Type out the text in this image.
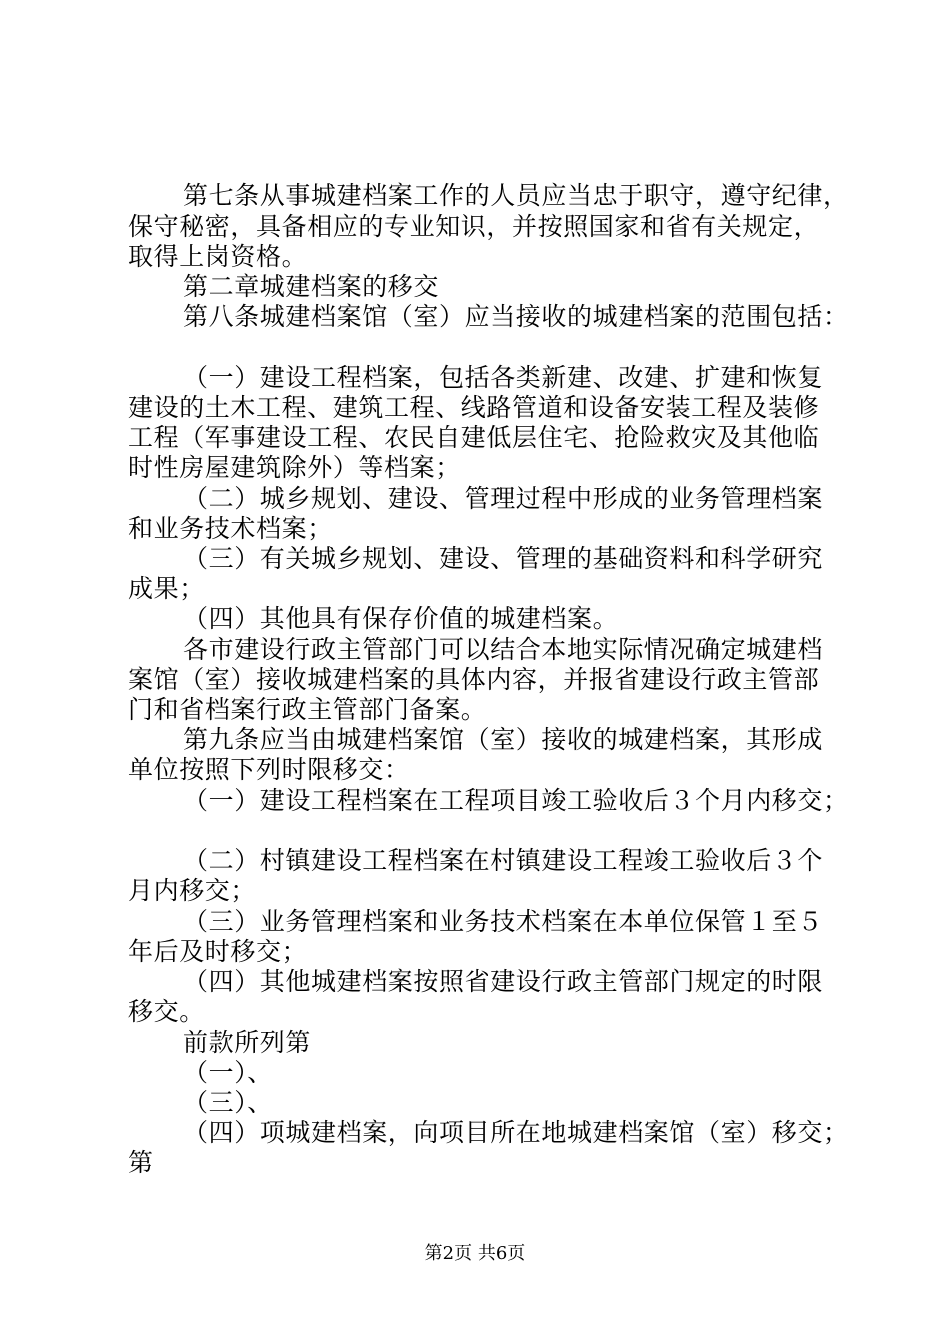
第七条从事城建档案工作的人员应当忠于职守，遵守纪律，
保守秘密，具备相应的专业知识，并按照国家和省有关规定，
取得上岗资格。
第二章城建档案的移交
第八条城建档案馆（室）应当接收的城建档案的范围包括：
（一）建设工程档案，包括各类新建、改建、扩建和恢复
建设的土木工程、建筑工程、线路管道和设备安装工程及装修
工程（军事建设工程、农民自建低层住宅、抢险救灾及其他临
时性房屋建筑除外）等档案；
（二）城乡规划、建设、管理过程中形成的业务管理档案
和业务技术档案；
（三）有关城乡规划、建设、管理的基础资料和科学研究
成果；
（四）其他具有保存价值的城建档案。
各市建设行政主管部门可以结合本地实际情况确定城建档
案馆（室）接收城建档案的具体内容，并报省建设行政主管部
门和省档案行政主管部门备案。
第九条应当由城建档案馆（室）接收的城建档案，其形成
单位按照下列时限移交：
（一）建设工程档案在工程项目竣工验收后３个月内移交；
（二）村镇建设工程档案在村镇建设工程竣工验收后３个
月内移交；
（三）业务管理档案和业务技术档案在本单位保管１至５
年后及时移交；
（四）其他城建档案按照省建设行政主管部门规定的时限
移交。
前款所列第
（一）、
（三）、
（四）项城建档案，向项目所在地城建档案馆（室）移交；
第
第2页 共6页
